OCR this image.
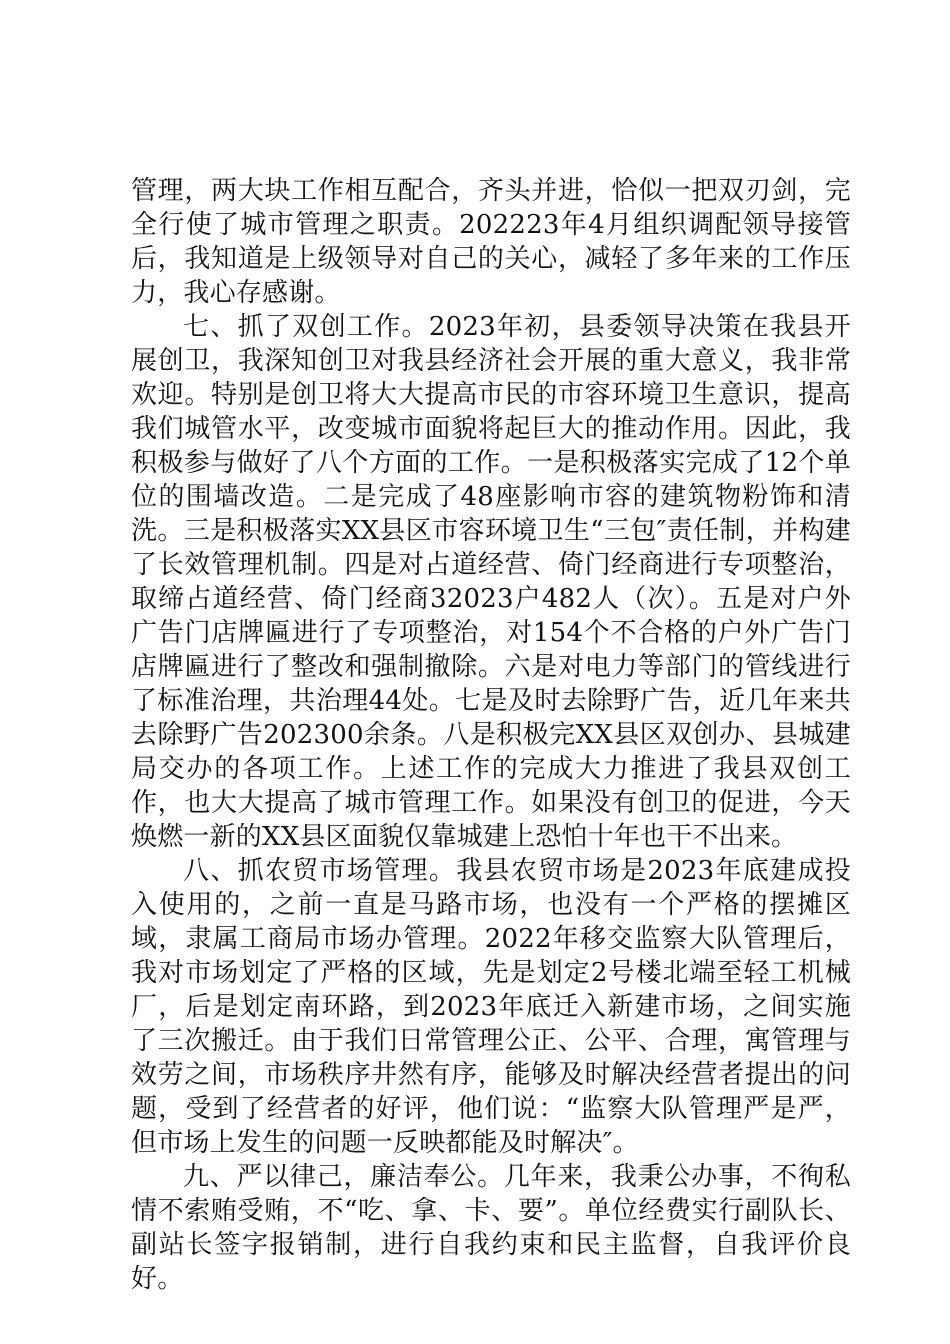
管理，两大块工作相互配合，齐头并进，恰似一把双刃剑，完全行使了城市管理之职责。202223年4月组织调配领导接管后，我知道是上级领导对自己的关心，减轻了多年来的工作压力，我心存感谢。

七、抓了双创工作。2023年初，县委领导决策在我县开展创卫，我深知创卫对我县经济社会开展的重大意义，我非常欢迎。特别是创卫将大大提高市民的市容环境卫生意识，提高我们城管水平，改变城市面貌将起巨大的推动作用。因此，我积极参与做好了八个方面的工作。一是积极落实完成了12个单位的围墙改造。二是完成了48座影响市容的建筑物粉饰和清洗。三是积极落实XX县区市容环境卫生“三包″责任制，并构建了长效管理机制。四是对占道经营、倚门经商进行专项整治，取缔占道经营、倚门经商32023户482人（次）。五是对户外广告门店牌匾进行了专项整治，对154个不合格的户外广告门店牌匾进行了整改和强制撤除。六是对电力等部门的管线进行了标准治理，共治理44处。七是及时去除野广告，近几年来共去除野广告202300余条。八是积极完XX县区双创办、县城建局交办的各项工作。上述工作的完成大力推进了我县双创工作，也大大提高了城市管理工作。如果没有创卫的促进，今天焕燃一新的XX县区面貌仅靠城建上恐怕十年也干不出来。

八、抓农贸市场管理。我县农贸市场是2023年底建成投入使用的，之前一直是马路市场，也没有一个严格的摆摊区域，隶属工商局市场办管理。2022年移交监察大队管理后，我对市场划定了严格的区域，先是划定2号楼北端至轻工机械厂，后是划定南环路，到2023年底迁入新建市场，之间实施了三次搬迁。由于我们日常管理公正、公平、合理，寓管理与效劳之间，市场秩序井然有序，能够及时解决经营者提出的问题，受到了经营者的好评，他们说：“监察大队管理严是严，但市场上发生的问题一反映都能及时解决″。

九、严以律己，廉洁奉公。几年来，我秉公办事，不徇私情不索贿受贿，不“吃、拿、卡、要”。单位经费实行副队长、副站长签字报销制，进行自我约束和民主监督，自我评价良好。
